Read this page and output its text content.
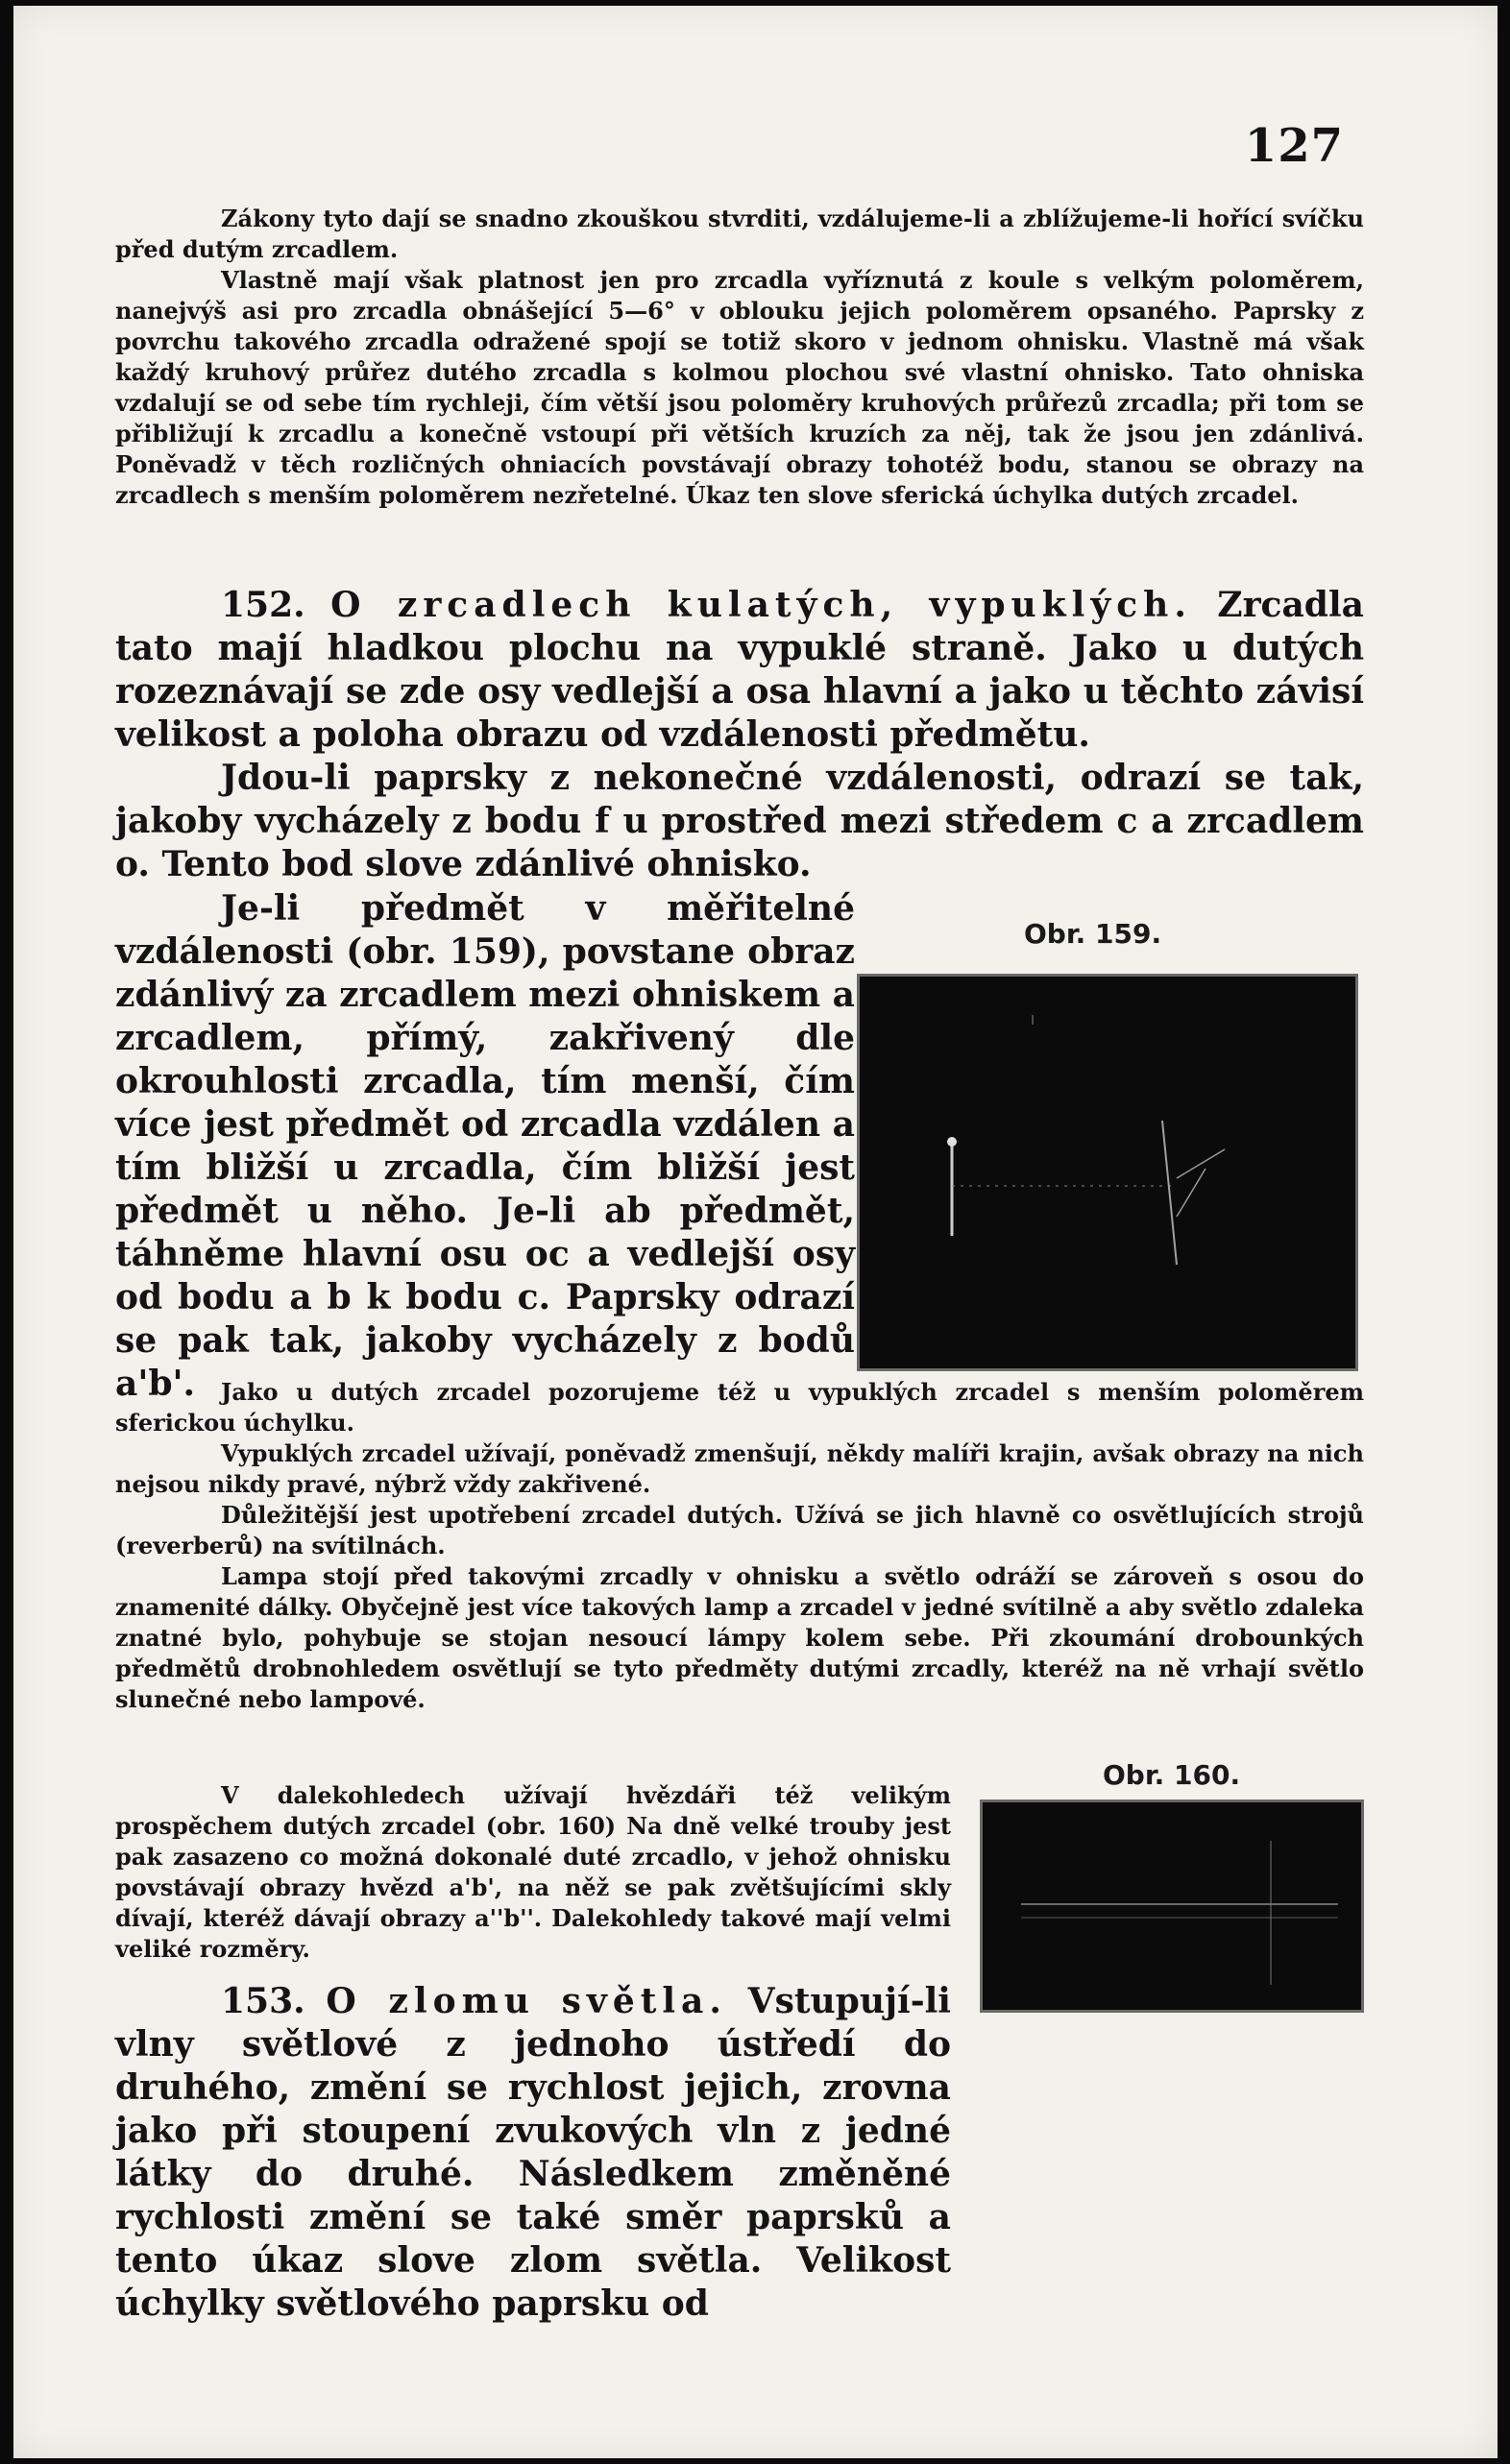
127

Zákony tyto dají se snadno zkouškou stvrditi, vzdálujeme-li a zblížujeme-li hořící svíčku před dutým zrcadlem.

Vlastně mají však platnost jen pro zrcadla vyříznutá z koule s velkým poloměrem, nanejvýš asi pro zrcadla obnášející 5—6° v oblouku jejich poloměrem opsaného. Paprsky z povrchu takového zrcadla odražené spojí se totiž skoro v jednom ohnisku. Vlastně má však každý kruhový průřez dutého zrcadla s kolmou plochou své vlastní ohnisko. Tato ohniska vzdalují se od sebe tím rychleji, čím větší jsou poloměry kruhových průřezů zrcadla; při tom se přibližují k zrcadlu a konečně vstoupí při větších kruzích za něj, tak že jsou jen zdánlivá. Poněvadž v těch rozličných ohniacích povstávají obrazy tohotéž bodu, stanou se obrazy na zrcadlech s menším poloměrem nezřetelné. Úkaz ten slove sferická úchylka dutých zrcadel.

152. O zrcadlech kulatých, vypuklých. Zrcadla tato mají hladkou plochu na vypuklé straně. Jako u dutých rozeznávají se zde osy vedlejší a osa hlavní a jako u těchto závisí velikost a poloha obrazu od vzdálenosti předmětu.

Jdou-li paprsky z nekonečné vzdálenosti, odrazí se tak, jakoby vycházely z bodu f u prostřed mezi středem c a zrcadlem o. Tento bod slove zdánlivé ohnisko.

Je-li předmět v měřitelné vzdálenosti (obr. 159), povstane obraz zdánlivý za zrcadlem mezi ohniskem a zrcadlem, přímý, zakřivený dle okrouhlosti zrcadla, tím menší, čím více jest předmět od zrcadla vzdálen a tím bližší u zrcadla, čím bližší jest předmět u něho. Je-li ab předmět, táhněme hlavní osu oc a vedlejší osy od bodu a b k bodu c. Paprsky odrazí se pak tak, jakoby vycházely z bodů a'b'.

Obr. 159.

Jako u dutých zrcadel pozorujeme též u vypuklých zrcadel s menším poloměrem sferickou úchylku.

Vypuklých zrcadel užívají, poněvadž zmenšují, někdy malíři krajin, avšak obrazy na nich nejsou nikdy pravé, nýbrž vždy zakřivené.

Důležitější jest upotřebení zrcadel dutých. Užívá se jich hlavně co osvětlujících strojů (reverberů) na svítilnách.

Lampa stojí před takovými zrcadly v ohnisku a světlo odráží se zároveň s osou do znamenité dálky. Obyčejně jest více takových lamp a zrcadel v jedné svítilně a aby světlo zdaleka znatné bylo, pohybuje se stojan nesoucí lámpy kolem sebe. Při zkoumání drobounkých předmětů drobnohledem osvětlují se tyto předměty dutými zrcadly, kteréž na ně vrhají světlo slunečné nebo lampové.

V dalekohledech užívají hvězdáři též velikým prospěchem dutých zrcadel (obr. 160) Na dně velké trouby jest pak zasazeno co možná dokonalé duté zrcadlo, v jehož ohnisku povstávají obrazy hvězd a'b', na něž se pak zvětšujícími skly dívají, kteréž dávají obrazy a''b''. Dalekohledy takové mají velmi veliké rozměry.

Obr. 160.

153. O zlomu světla. Vstupují-li vlny světlové z jednoho ústředí do druhého, změní se rychlost jejich, zrovna jako při stoupení zvukových vln z jedné látky do druhé. Následkem změněné rychlosti změní se také směr paprsků a tento úkaz slove zlom světla. Velikost úchylky světlového paprsku od
